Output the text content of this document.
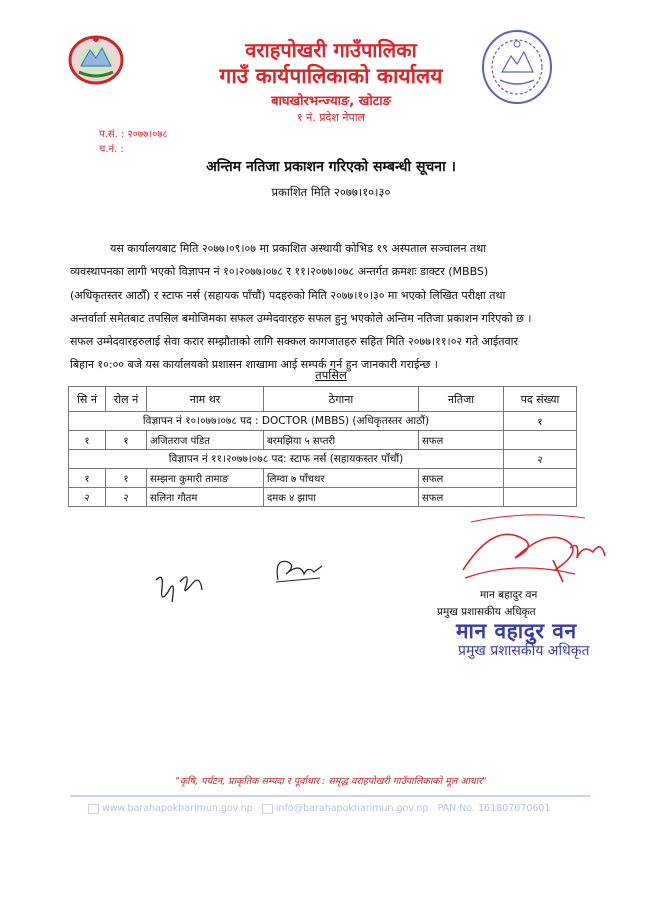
वराहपोखरी गाउँपालिका
गाउँ कार्यपालिकाको कार्यालय
बाघखोरभन्ज्याङ, खोटाङ
१ नं. प्रदेश नेपाल
प.सं. : २०७७।०७८
च.नं. :
अन्तिम नतिजा प्रकाशन गरिएको सम्बन्धी सूचना ।
प्रकाशित मिति २०७७।१०।३०
यस कार्यालयबाट मिति २०७७।०९।०७ मा प्रकाशित अस्थायी कोभिड १९ अस्पताल सञ्चालन तथा
व्यवस्थापनका लागी भएको विज्ञापन नं १०।२०७७।०७८ र ११।२०७७।०७८ अन्तर्गत क्रमशः डाक्टर (MBBS)
(अधिकृतस्तर आठौँ) र स्टाफ नर्स (सहायक पाँचौं) पदहरुको मिति २०७७।१०।३० मा भएको लिखित परीक्षा तथा
अन्तर्वार्ता समेतबाट तपसिल बमोजिमका सफल उम्मेदवारहरु सफल हुनु भएकोले अन्तिम नतिजा प्रकाशन गरिएको छ ।
सफल उम्मेदवारहरुलाई सेवा करार सम्झौताको लागि सक्कल कागजातहरु सहित मिति २०७७।११।०२ गते आईतवार
बिहान १०:०० बजे यस कार्यालयको प्रशासन शाखामा आई सम्पर्क गर्न हुन जानकारी गराईन्छ ।
तपसिल
सि नं	रोल नं	नाम थर	ठेगाना	नतिजा	पद संख्या
विज्ञापन नं १०।०७७।०७८ पद : DOCTOR (MBBS) (अधिकृतस्तर आठौं)					१
१	१	अजितराज पंडित	बरमझिया ५ सप्तरी	सफल	
विज्ञापन नं ११।२०७७।०७८ पद: स्टाफ नर्स (सहायकस्तर पाँचौं)					२
१	१	सम्झना कुमारी तामाङ	लिम्वा ७ पाँचथर	सफल	
२	२	सलिना गौतम	दमक ४ झापा	सफल	
मान बहादुर वन
प्रमुख प्रशासकीय अधिकृत
मान वहादुर वन
प्रमुख प्रशासकीय अधिकृत
"कृषि, पर्यटन, प्राकृतिक सम्पदा र पूर्वाधार : समृद्ध वराहपोखरी गाउँपालिकाको मूल आधार"
www.barahapokharimun.gov.np info@barahapokharimun.gov.np PAN No. 161807070601
